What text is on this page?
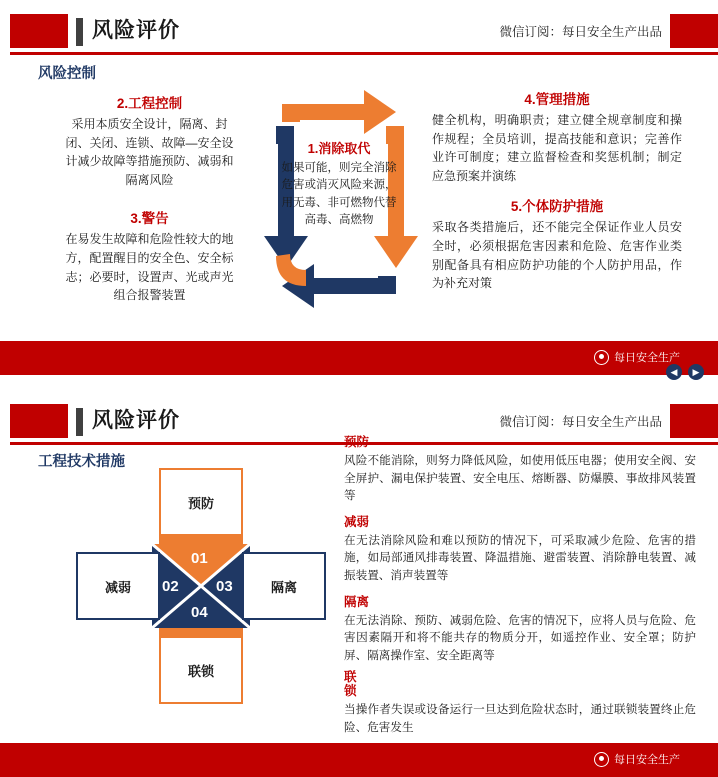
风险评价	微信订阅：每日安全生产出品
风险控制
2.工程控制
采用本质安全设计，隔离、封闭、关闭、连锁、故障—安全设计减少故障等措施预防、减弱和隔离风险
3.警告
在易发生故障和危险性较大的地方，配置醒目的安全色、安全标志；必要时，设置声、光或声光组合报警装置
1.消除取代
如果可能，则完全消除危害或消灭风险来源，用无毒、非可燃物代替高毒、高燃物
4.管理措施
健全机构，明确职责；建立健全规章制度和操作规程；全员培训，提高技能和意识；完善作业许可制度；建立监督检查和奖惩机制；制定应急预案并演练
5.个体防护措施
采取各类措施后，还不能完全保证作业人员安全时，必须根据危害因素和危险、危害作业类别配备具有相应防护功能的个人防护用品，作为补充对策
每日安全生产
◀	▶
风险评价	微信订阅：每日安全生产出品
工程技术措施
预防
减弱	隔离
联锁
01
02 03
04
预防
风险不能消除，则努力降低风险，如使用低压电器；使用安全阀、安全屏护、漏电保护装置、安全电压、熔断器、防爆膜、事故排风装置等
减弱
在无法消除风险和难以预防的情况下，可采取减少危险、危害的措施，如局部通风排毒装置、降温措施、避雷装置、消除静电装置、减振装置、消声装置等
隔离
在无法消除、预防、减弱危险、危害的情况下，应将人员与危险、危害因素隔开和将不能共存的物质分开，如遥控作业、安全罩；防护屏、隔离操作室、安全距离等
联锁
当操作者失误或设备运行一旦达到危险状态时，通过联锁装置终止危险、危害发生
每日安全生产
